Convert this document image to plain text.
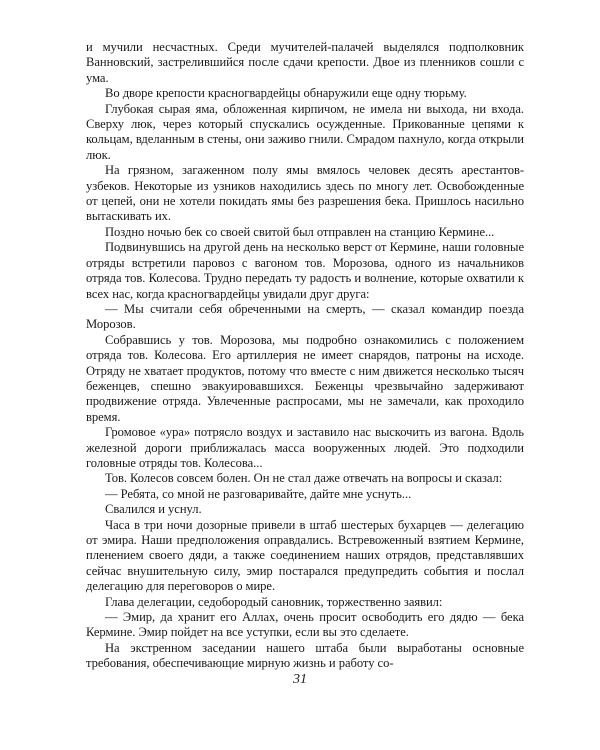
и мучили несчастных. Среди мучителей-палачей выделялся подполковник Ванновский, застрелившийся после сдачи крепости. Двое из пленников сошли с ума.

Во дворе крепости красногвардейцы обнаружили еще одну тюрьму.

Глубокая сырая яма, обложенная кирпичом, не имела ни выхода, ни входа. Сверху люк, через который спускались осужденные. Прикованные цепями к кольцам, вделанным в стены, они заживо гнили. Смрадом пахнуло, когда открыли люк.

На грязном, загаженном полу ямы вмялось человек десять арестантов-узбеков. Некоторые из узников находились здесь по многу лет. Освобожденные от цепей, они не хотели покидать ямы без разрешения бека. Пришлось насильно вытаскивать их.

Поздно ночью бек со своей свитой был отправлен на станцию Кермине...

Подвинувшись на другой день на несколько верст от Кермине, наши головные отряды встретили паровоз с вагоном тов. Морозова, одного из начальников отряда тов. Колесова. Трудно передать ту радость и волнение, которые охватили к всех нас, когда красногвардейцы увидали друг друга:

— Мы считали себя обреченными на смерть, — сказал командир поезда Морозов.

Собравшись у тов. Морозова, мы подробно ознакомились с положением отряда тов. Колесова. Его артиллерия не имеет снарядов, патроны на исходе. Отряду не хватает продуктов, потому что вместе с ним движется несколько тысяч беженцев, спешно эвакуировавшихся. Беженцы чрезвычайно задерживают продвижение отряда. Увлеченные распросами, мы не замечали, как проходило время.

Громовое «ура» потрясло воздух и заставило нас выскочить из вагона. Вдоль железной дороги приближалась масса вооруженных людей. Это подходили головные отряды тов. Колесова...

Тов. Колесов совсем болен. Он не стал даже отвечать на вопросы и сказал:

— Ребята, со мной не разговаривайте, дайте мне уснуть...

Свалился и уснул.

Часа в три ночи дозорные привели в штаб шестерых бухарцев — делегацию от эмира. Наши предположения оправдались. Встревоженный взятием Кермине, пленением своего дяди, а также соединением наших отрядов, представлявших сейчас внушительную силу, эмир постарался предупредить события и послал делегацию для переговоров о мире.

Глава делегации, седобородый сановник, торжественно заявил:

— Эмир, да хранит его Аллах, очень просит освободить его дядю — бека Кермине. Эмир пойдет на все уступки, если вы это сделаете.

На экстренном заседании нашего штаба были выработаны основные требования, обеспечивающие мирную жизнь и работу со-

31
